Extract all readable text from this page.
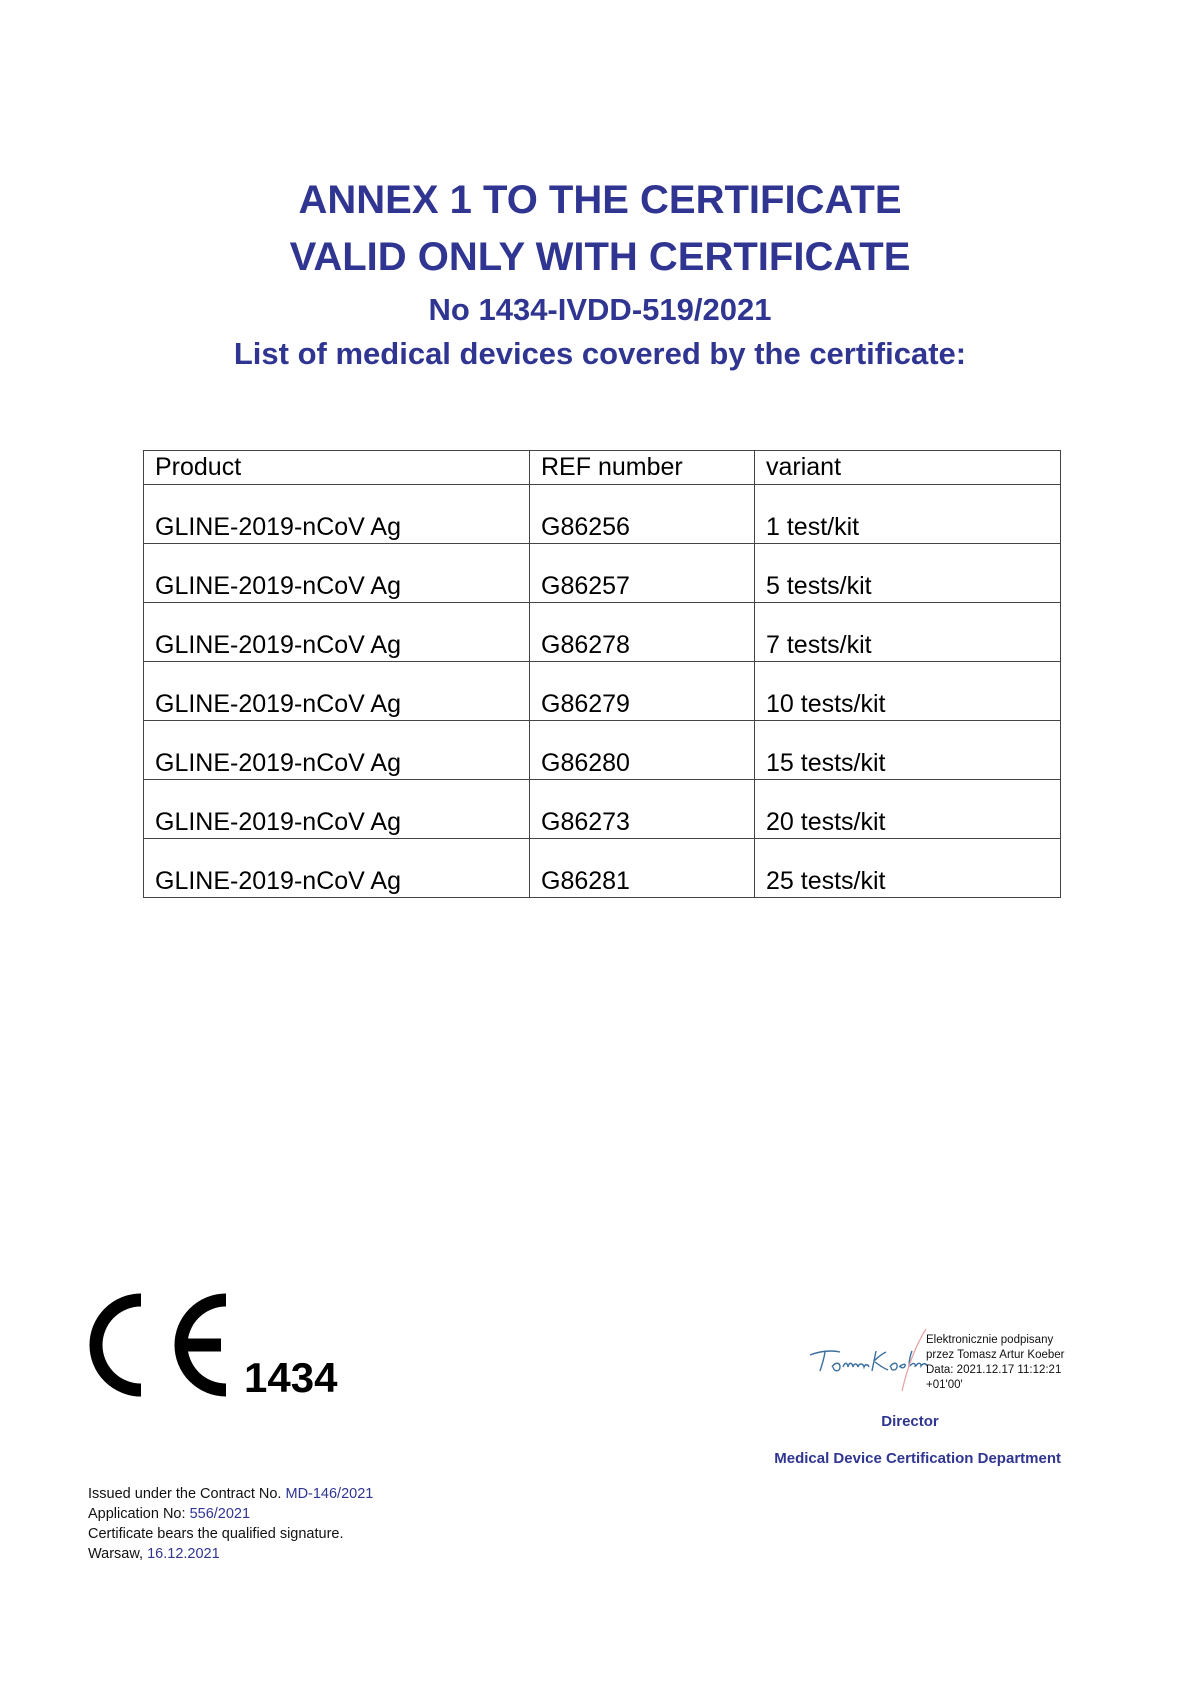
ANNEX 1 TO THE CERTIFICATE
VALID ONLY WITH CERTIFICATE
No 1434-IVDD-519/2021
List of medical devices covered by the certificate:
Product	REF number	variant
GLINE-2019-nCoV Ag	G86256	1 test/kit
GLINE-2019-nCoV Ag	G86257	5 tests/kit
GLINE-2019-nCoV Ag	G86278	7 tests/kit
GLINE-2019-nCoV Ag	G86279	10 tests/kit
GLINE-2019-nCoV Ag	G86280	15 tests/kit
GLINE-2019-nCoV Ag	G86273	20 tests/kit
GLINE-2019-nCoV Ag	G86281	25 tests/kit
1434
Elektronicznie podpisany
przez Tomasz Artur Koeber
Data: 2021.12.17 11:12:21
+01'00'
Director
Medical Device Certification Department
Issued under the Contract No. MD-146/2021
Application No: 556/2021
Certificate bears the qualified signature.
Warsaw, 16.12.2021
